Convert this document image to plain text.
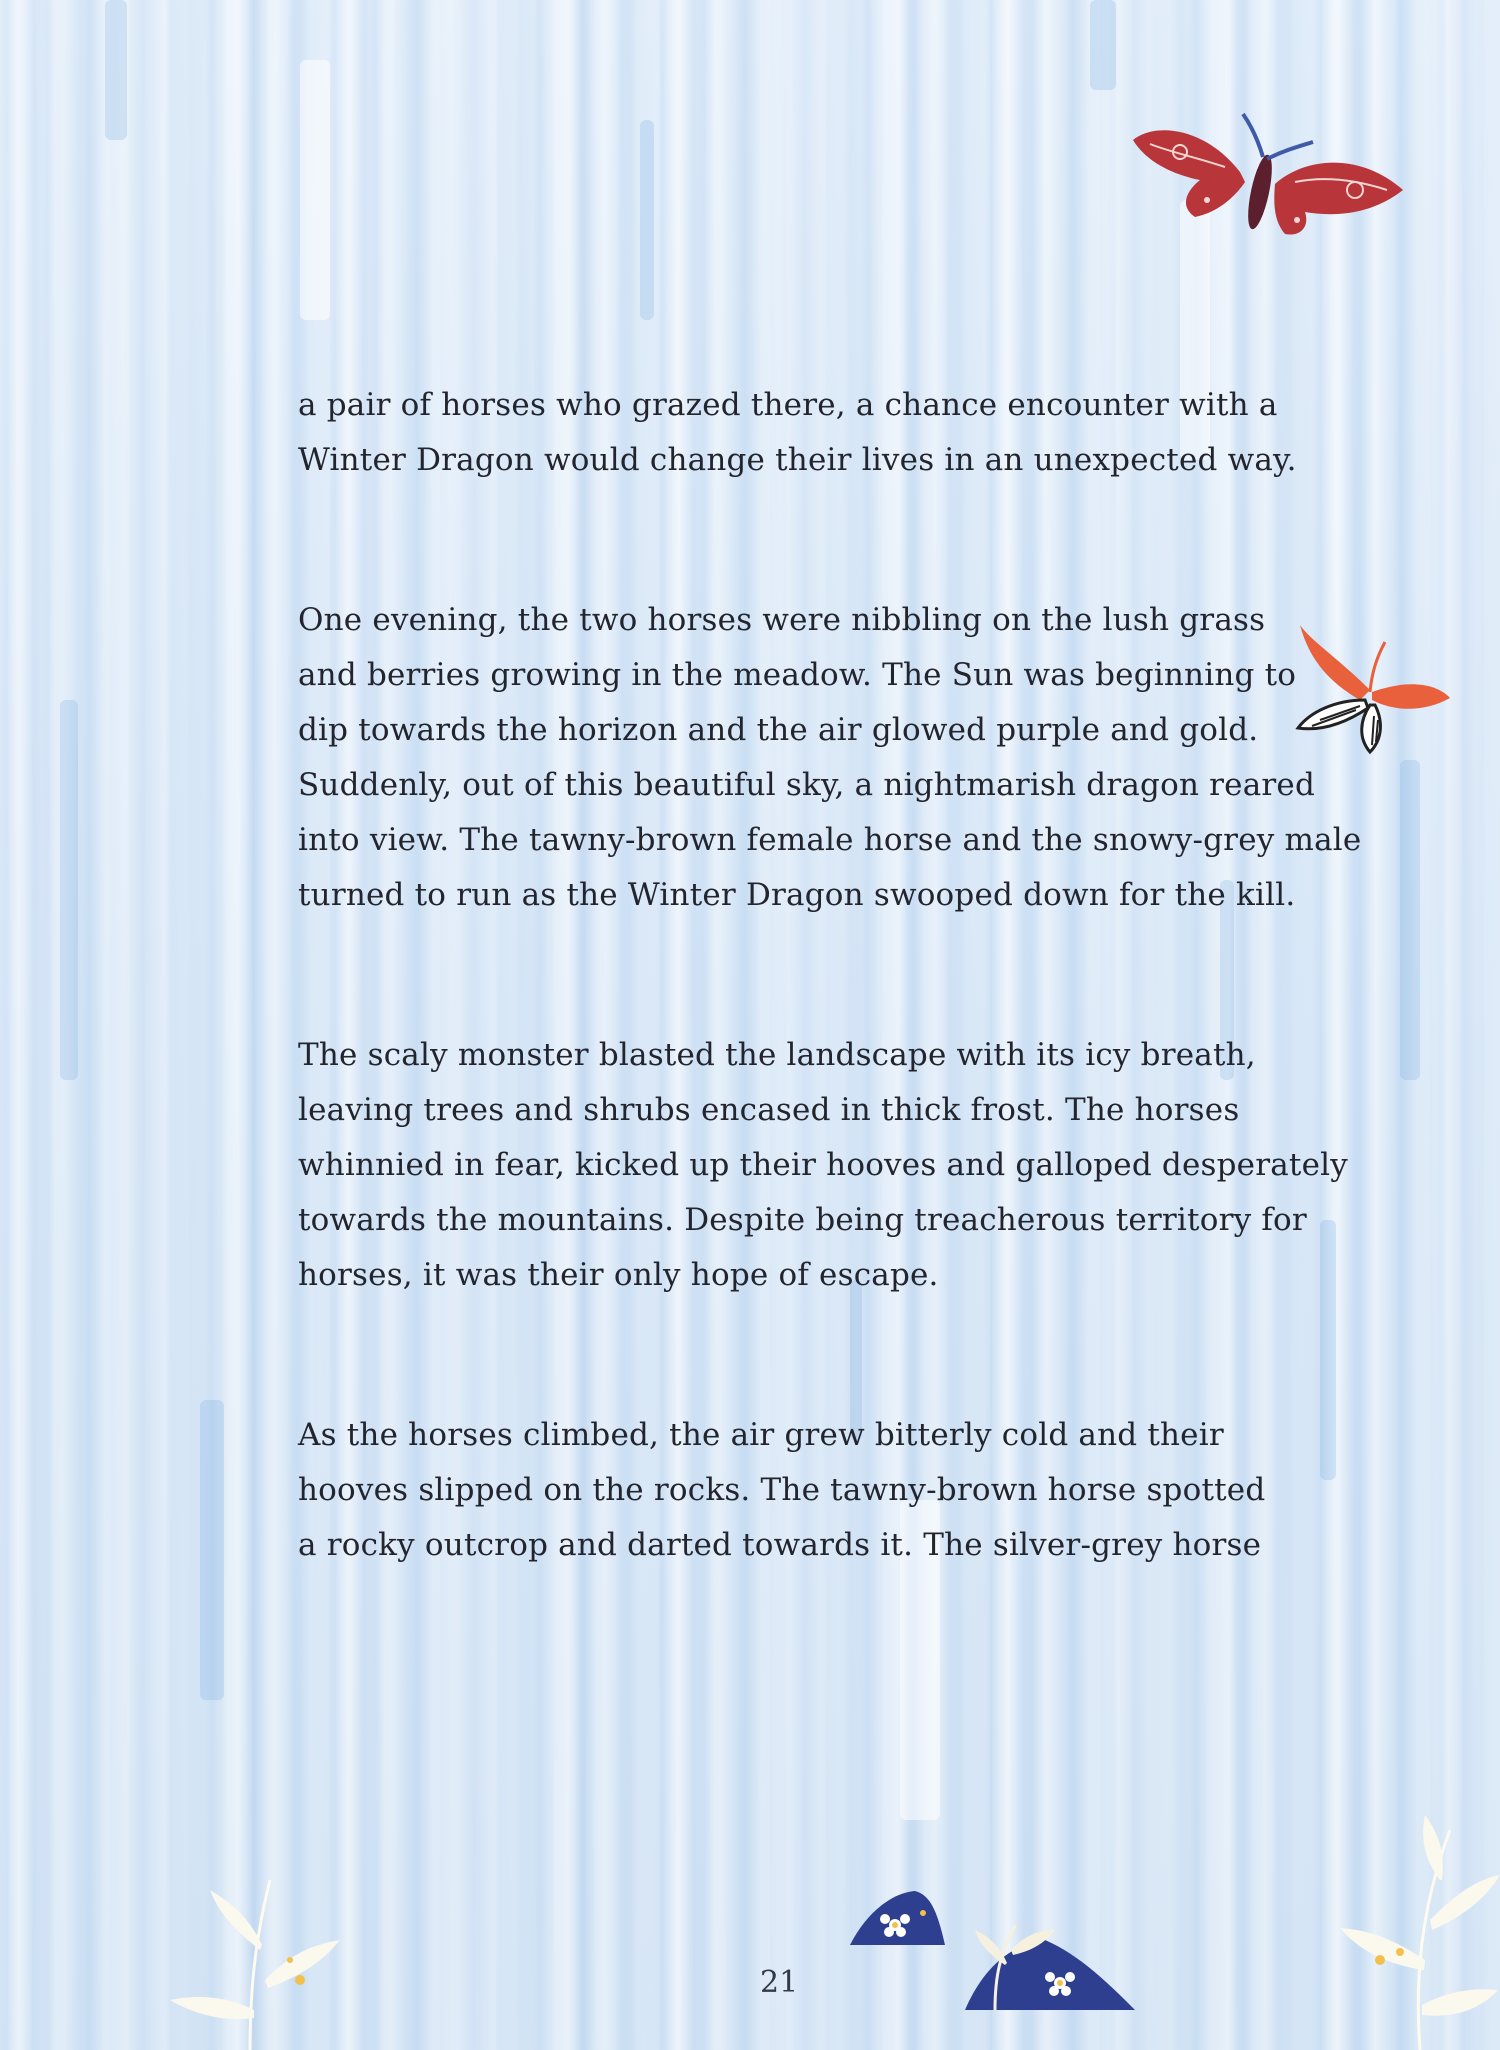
a pair of horses who grazed there, a chance encounter with a
Winter Dragon would change their lives in an unexpected way.

One evening, the two horses were nibbling on the lush grass
and berries growing in the meadow. The Sun was beginning to
dip towards the horizon and the air glowed purple and gold.
Suddenly, out of this beautiful sky, a nightmarish dragon reared
into view. The tawny-brown female horse and the snowy-grey male
turned to run as the Winter Dragon swooped down for the kill.

The scaly monster blasted the landscape with its icy breath,
leaving trees and shrubs encased in thick frost. The horses
whinnied in fear, kicked up their hooves and galloped desperately
towards the mountains. Despite being treacherous territory for
horses, it was their only hope of escape.

As the horses climbed, the air grew bitterly cold and their
hooves slipped on the rocks. The tawny-brown horse spotted
a rocky outcrop and darted towards it. The silver-grey horse

21
